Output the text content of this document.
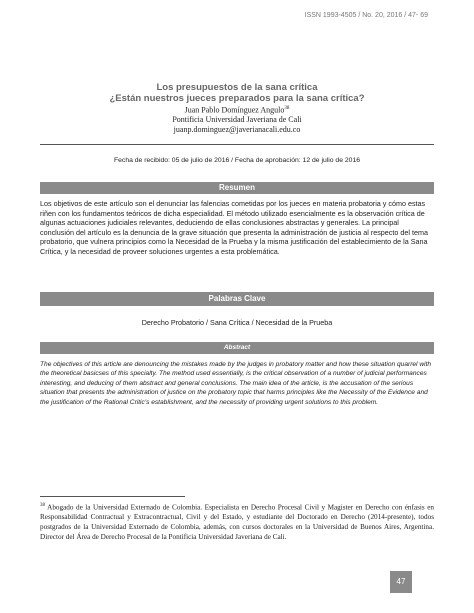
ISSN 1993-4505 / No. 20, 2016 / 47- 69
Los presupuestos de la sana crítica
¿Están nuestros jueces preparados para la sana crítica?
Juan Pablo Domínguez Angulo$^{38}$
Pontificia Universidad Javeriana de Cali
juanp.dominguez@javerianacali.edu.co
Fecha de recibido: 05 de julio de 2016 / Fecha de aprobación: 12 de julio de 2016
Resumen
Los objetivos de este artículo son el denunciar las falencias cometidas por los jueces en materia probatoria y cómo estas riñen con los fundamentos teóricos de dicha especialidad. El método utilizado esencialmente es la observación crítica de algunas actuaciones judiciales relevantes, deduciendo de ellas conclusiones abstractas y generales. La principal conclusión del artículo es la denuncia de la grave situación que presenta la administración de justicia al respecto del tema probatorio, que vulnera principios como la Necesidad de la Prueba y la misma justificación del establecimiento de la Sana Crítica, y la necesidad de proveer soluciones urgentes a esta problemática.
Palabras Clave
Derecho Probatorio / Sana Crítica / Necesidad de la Prueba
Abstract
The objectives of this article are denouncing the mistakes made by the judges in probatory matter and how these situation quarrel with the theoretical basicses of this specialty. The method used essentially, is the critical observation of a number of judicial performances interesting, and deducing of them abstract and general conclusions. The main idea of the article, is the accusation of the serious situation that presents the administration of justice on the probatory topic that harms principles like the Necessity of the Evidence and the justification of the Rational Critic's establishment, and the necessity of providing urgent solutions to this problem.
$^{38}$ Abogado de la Universidad Externado de Colombia. Especialista en Derecho Procesal Civil y Magister en Derecho con énfasis en Responsabilidad Contractual y Extracontractual, Civil y del Estado, y estudiante del Doctorado en Derecho (2014-presente), todos postgrados de la Universidad Externado de Colombia, además, con cursos doctorales en la Universidad de Buenos Aires, Argentina. Director del Área de Derecho Procesal de la Pontificia Universidad Javeriana de Cali.
47
